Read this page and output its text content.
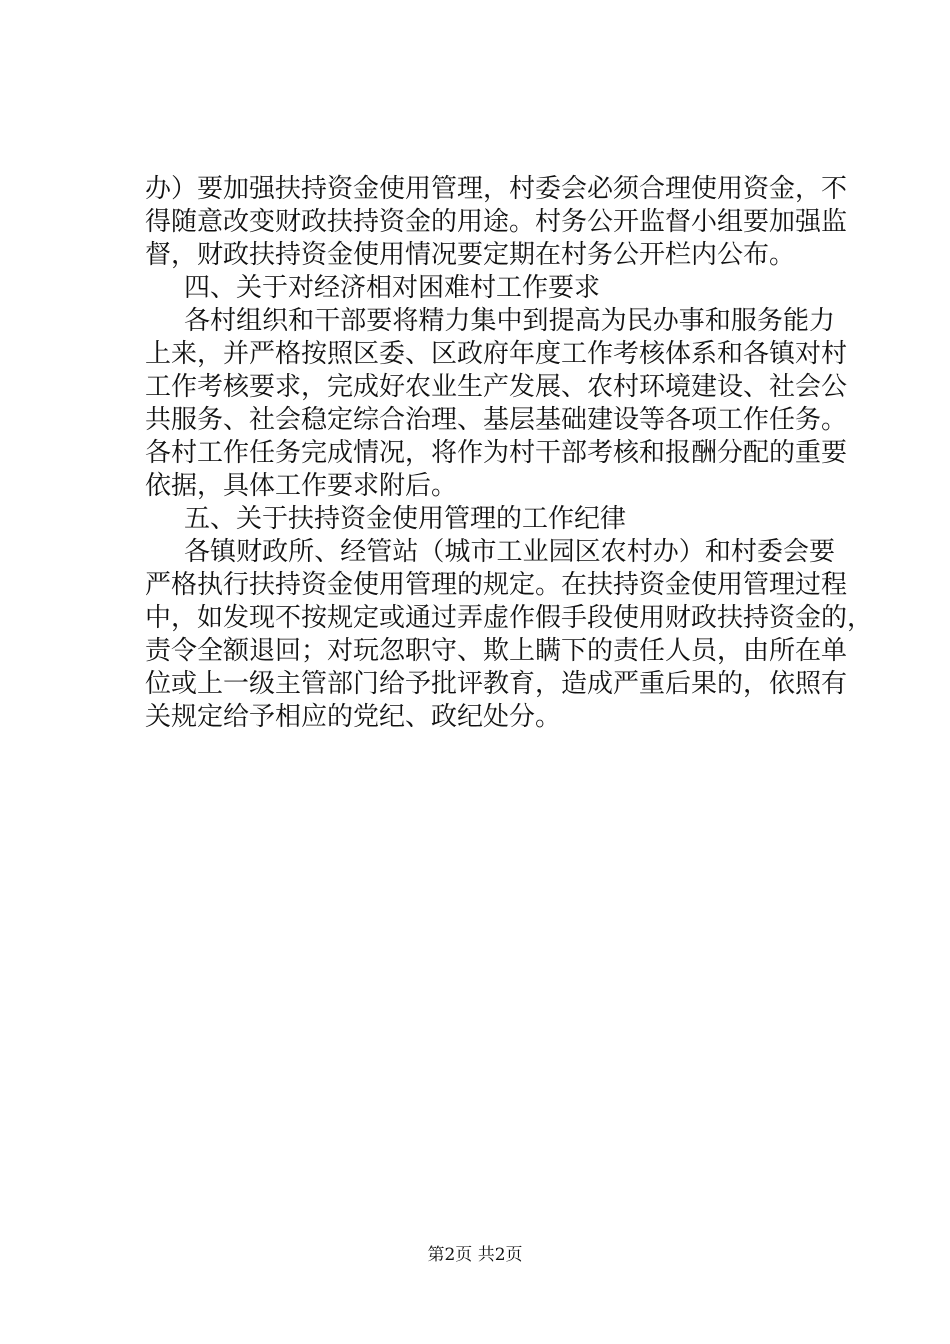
办）要加强扶持资金使用管理，村委会必须合理使用资金，不
得随意改变财政扶持资金的用途。村务公开监督小组要加强监
督，财政扶持资金使用情况要定期在村务公开栏内公布。
四、关于对经济相对困难村工作要求
各村组织和干部要将精力集中到提高为民办事和服务能力
上来，并严格按照区委、区政府年度工作考核体系和各镇对村
工作考核要求，完成好农业生产发展、农村环境建设、社会公
共服务、社会稳定综合治理、基层基础建设等各项工作任务。
各村工作任务完成情况，将作为村干部考核和报酬分配的重要
依据，具体工作要求附后。
五、关于扶持资金使用管理的工作纪律
各镇财政所、经管站（城市工业园区农村办）和村委会要
严格执行扶持资金使用管理的规定。在扶持资金使用管理过程
中，如发现不按规定或通过弄虚作假手段使用财政扶持资金的，
责令全额退回；对玩忽职守、欺上瞒下的责任人员，由所在单
位或上一级主管部门给予批评教育，造成严重后果的，依照有
关规定给予相应的党纪、政纪处分。
第2页 共2页
